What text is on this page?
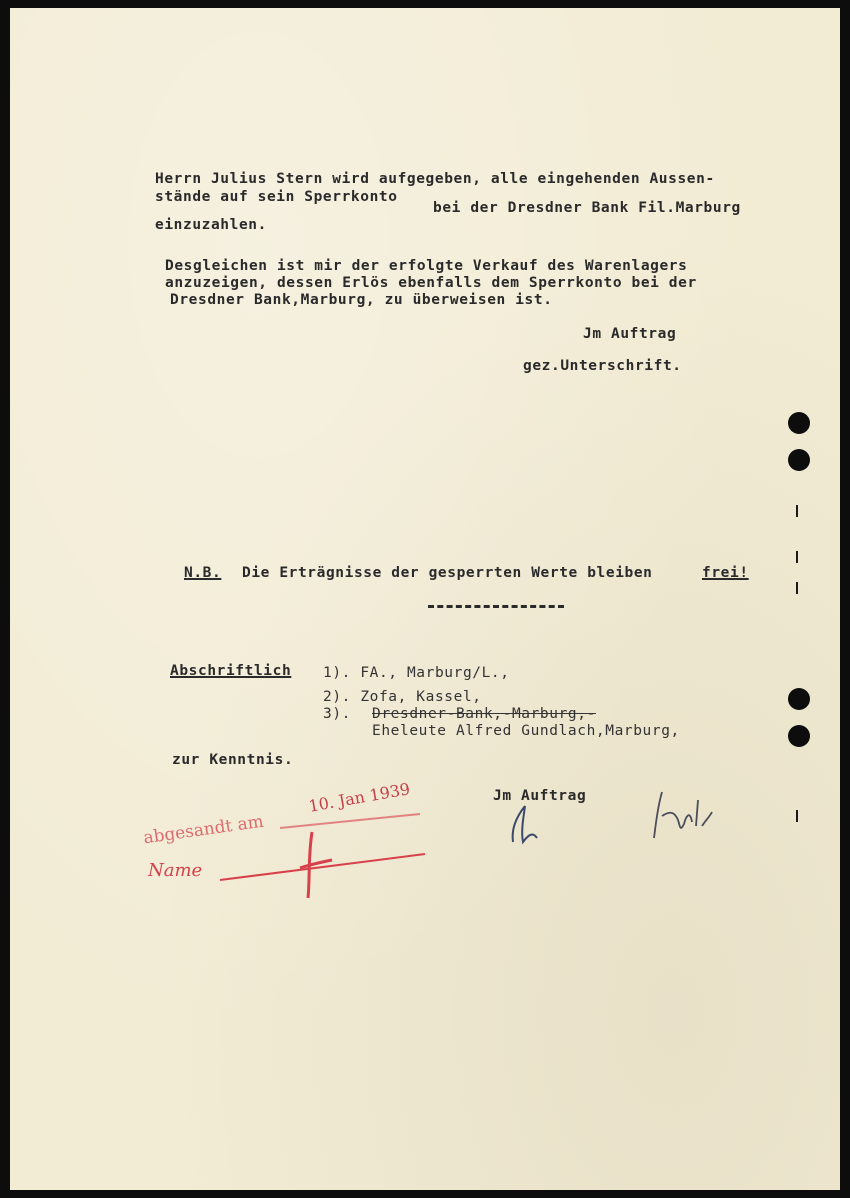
Herrn Julius Stern wird aufgegeben, alle eingehenden Aussen-
stände auf sein Sperrkonto
bei der Dresdner Bank Fil.Marburg
einzuzahlen.
Desgleichen ist mir der erfolgte Verkauf des Warenlagers
anzuzeigen, dessen Erlös ebenfalls dem Sperrkonto bei der
Dresdner Bank,Marburg, zu überweisen ist.
Jm Auftrag
gez.Unterschrift.
N.B. Die Erträgnisse der gesperrten Werte bleiben	frei!
Abschriftlich 1). FA., Marburg/L.,
2). Zofa, Kassel,
3). Dresdner-Bank,-Marburg,-
Eheleute Alfred Gundlach,Marburg,
zur Kenntnis.
Jm Auftrag
abgesandt am
10. Jan 1939
Name
